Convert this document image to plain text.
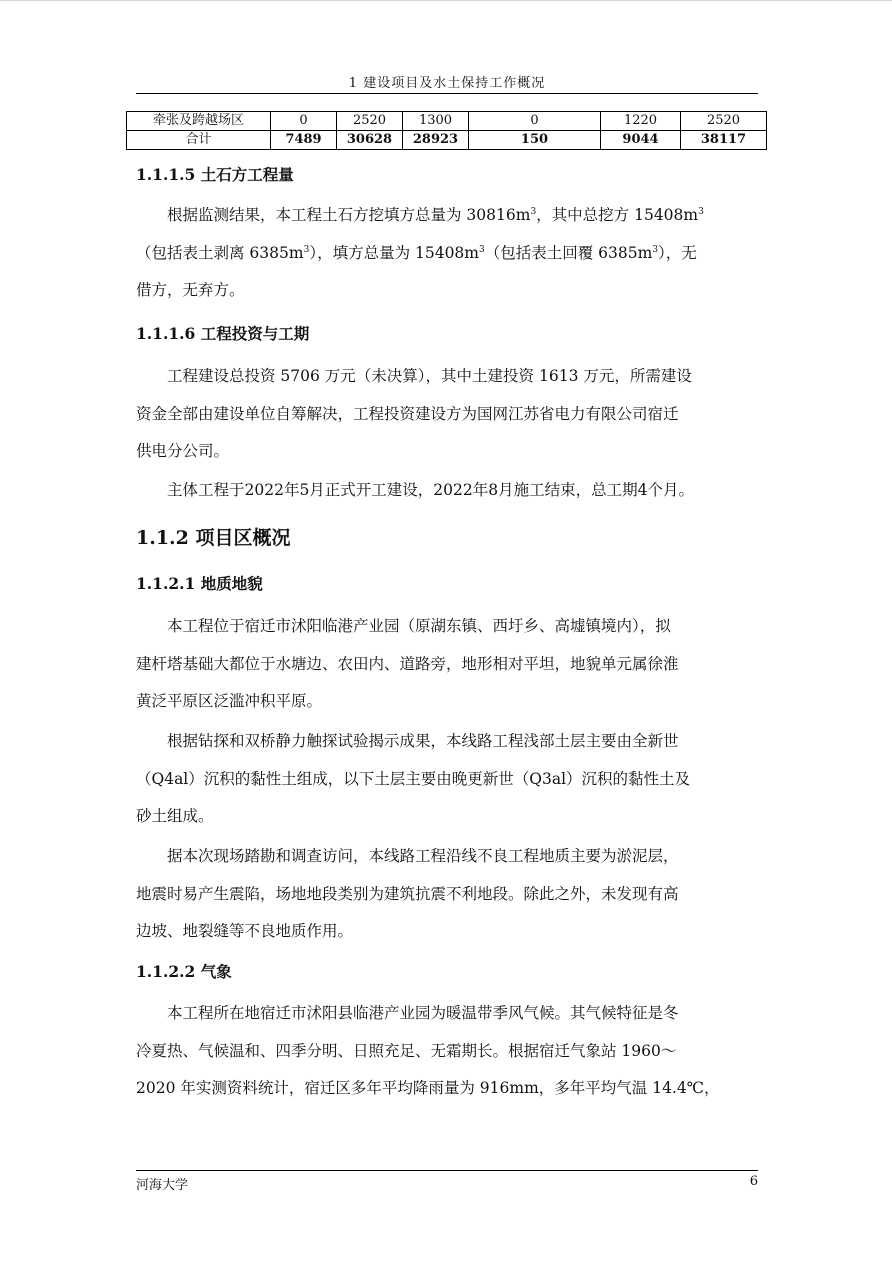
1 建设项目及水土保持工作概况
牵张及跨越场区	0	2520	1300	0	1220	2520
合计	7489	30628	28923	150	9044	38117
1.1.1.5 土石方工程量
根据监测结果，本工程土石方挖填方总量为 $30816m^3$，其中总挖方 $15408m^3$
（包括表土剥离 $6385m^3$），填方总量为 $15408m^3$（包括表土回覆 $6385m^3$），无
借方，无弃方。
1.1.1.6 工程投资与工期
工程建设总投资 5706 万元（未决算），其中土建投资 1613 万元，所需建设
资金全部由建设单位自筹解决，工程投资建设方为国网江苏省电力有限公司宿迁
供电分公司。
主体工程于2022年5月正式开工建设，2022年8月施工结束，总工期4个月。
1.1.2 项目区概况
1.1.2.1 地质地貌
本工程位于宿迁市沭阳临港产业园（原湖东镇、西圩乡、高墟镇境内），拟
建杆塔基础大都位于水塘边、农田内、道路旁，地形相对平坦，地貌单元属徐淮
黄泛平原区泛滥冲积平原。
根据钻探和双桥静力触探试验揭示成果，本线路工程浅部土层主要由全新世
（Q4al）沉积的黏性土组成，以下土层主要由晚更新世（Q3al）沉积的黏性土及
砂土组成。
据本次现场踏勘和调查访问，本线路工程沿线不良工程地质主要为淤泥层，
地震时易产生震陷，场地地段类别为建筑抗震不利地段。除此之外，未发现有高
边坡、地裂缝等不良地质作用。
1.1.2.2 气象
本工程所在地宿迁市沭阳县临港产业园为暖温带季风气候。其气候特征是冬
冷夏热、气候温和、四季分明、日照充足、无霜期长。根据宿迁气象站 1960～
2020 年实测资料统计，宿迁区多年平均降雨量为 916mm，多年平均气温 14.4℃，
河海大学	6
